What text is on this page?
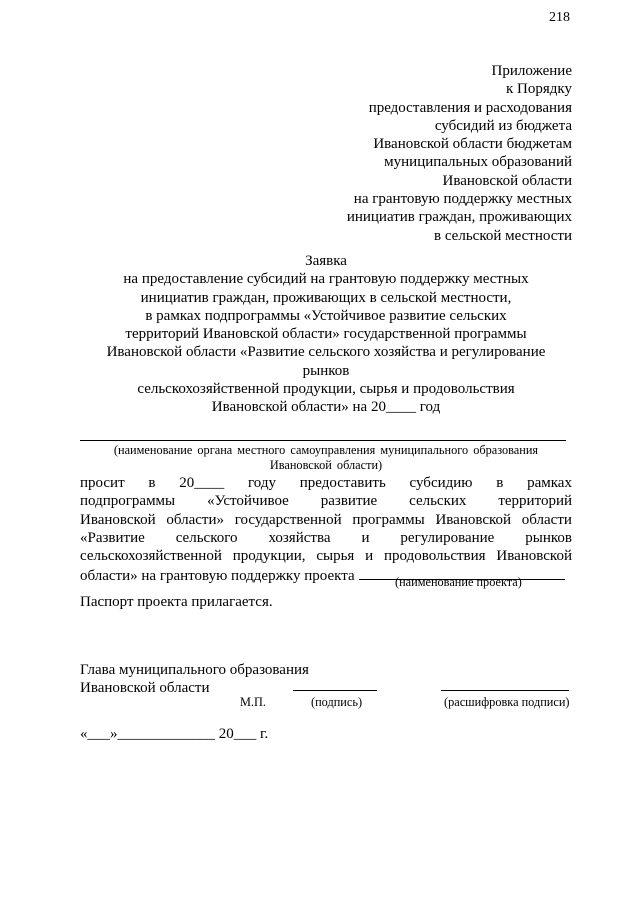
218
Приложение
к Порядку
предоставления и расходования
субсидий из бюджета
Ивановской области бюджетам
муниципальных образований
Ивановской области
на грантовую поддержку местных
инициатив граждан, проживающих
в сельской местности
Заявка
на предоставление субсидий на грантовую поддержку местных
инициатив граждан, проживающих в сельской местности,
в рамках подпрограммы «Устойчивое развитие сельских
территорий Ивановской области» государственной программы
Ивановской области «Развитие сельского хозяйства и регулирование
рынков
сельскохозяйственной продукции, сырья и продовольствия
Ивановской области» на 20____ год
(наименование органа местного самоуправления муниципального образования
Ивановской области)
просит в 20____ году предоставить субсидию в рамках
подпрограммы «Устойчивое развитие сельских территорий
Ивановской области» государственной программы Ивановской области
«Развитие сельского хозяйства и регулирование рынков
сельскохозяйственной продукции, сырья и продовольствия Ивановской
области» на грантовую поддержку проекта	(наименование проекта)
Паспорт проекта прилагается.
Глава муниципального образования
Ивановской области
М.П.	(подпись)	(расшифровка подписи)
«___»_____________ 20___ г.
